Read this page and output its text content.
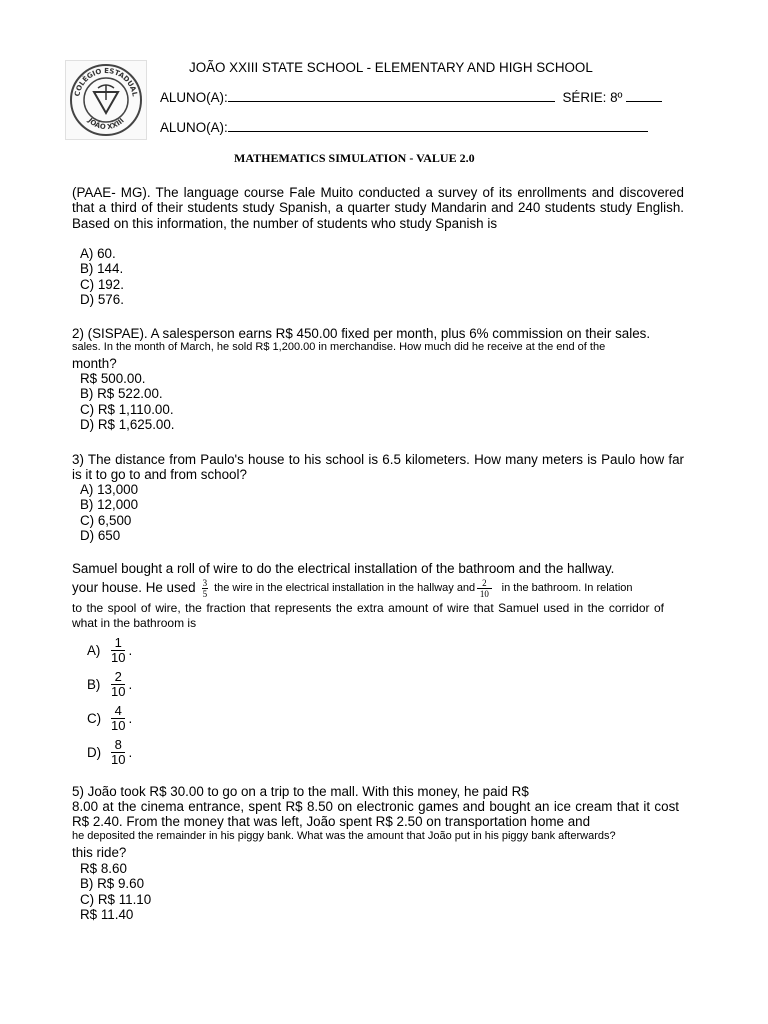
COLÉGIO ESTADUAL
JOÃO XXIII
JOÃO XXIII STATE SCHOOL - ELEMENTARY AND HIGH SCHOOL
ALUNO(A):	SÉRIE: 8º
ALUNO(A):
MATHEMATICS SIMULATION - VALUE 2.0
(PAAE- MG). The language course Fale Muito conducted a survey of its enrollments and discovered that a third of their students study Spanish, a quarter study Mandarin and 240 students study English. Based on this information, the number of students who study Spanish is
A) 60.
B) 144.
C) 192.
D) 576.
2) (SISPAE). A salesperson earns R$ 450.00 fixed per month, plus 6% commission on their sales.
sales. In the month of March, he sold R$ 1,200.00 in merchandise. How much did he receive at the end of the
month?
R$ 500.00.
B) R$ 522.00.
C) R$ 1,110.00.
D) R$ 1,625.00.
3) The distance from Paulo's house to his school is 6.5 kilometers. How many meters is Paulo how far is it to go to and from school?
A) 13,000
B) 12,000
C) 6,500
D) 650
Samuel bought a roll of wire to do the electrical installation of the bathroom and the hallway.
your house. He used $\frac{3}{5}$ the wire in the electrical installation in the hallway and $\frac{2}{10}$ in the bathroom. In relation
to the spool of wire, the fraction that represents the extra amount of wire that Samuel used in the corridor of what in the bathroom is
$A) \frac{1}{10}$ .
$B) \frac{2}{10}$ .
$C) \frac{4}{10}$ .
$D) \frac{8}{10}$ .
5) João took R$ 30.00 to go on a trip to the mall. With this money, he paid R$
8.00 at the cinema entrance, spent R$ 8.50 on electronic games and bought an ice cream that it cost R$ 2.40. From the money that was left, João spent R$ 2.50 on transportation home and
he deposited the remainder in his piggy bank. What was the amount that João put in his piggy bank afterwards?
this ride?
R$ 8.60
B) R$ 9.60
C) R$ 11.10
R$ 11.40
